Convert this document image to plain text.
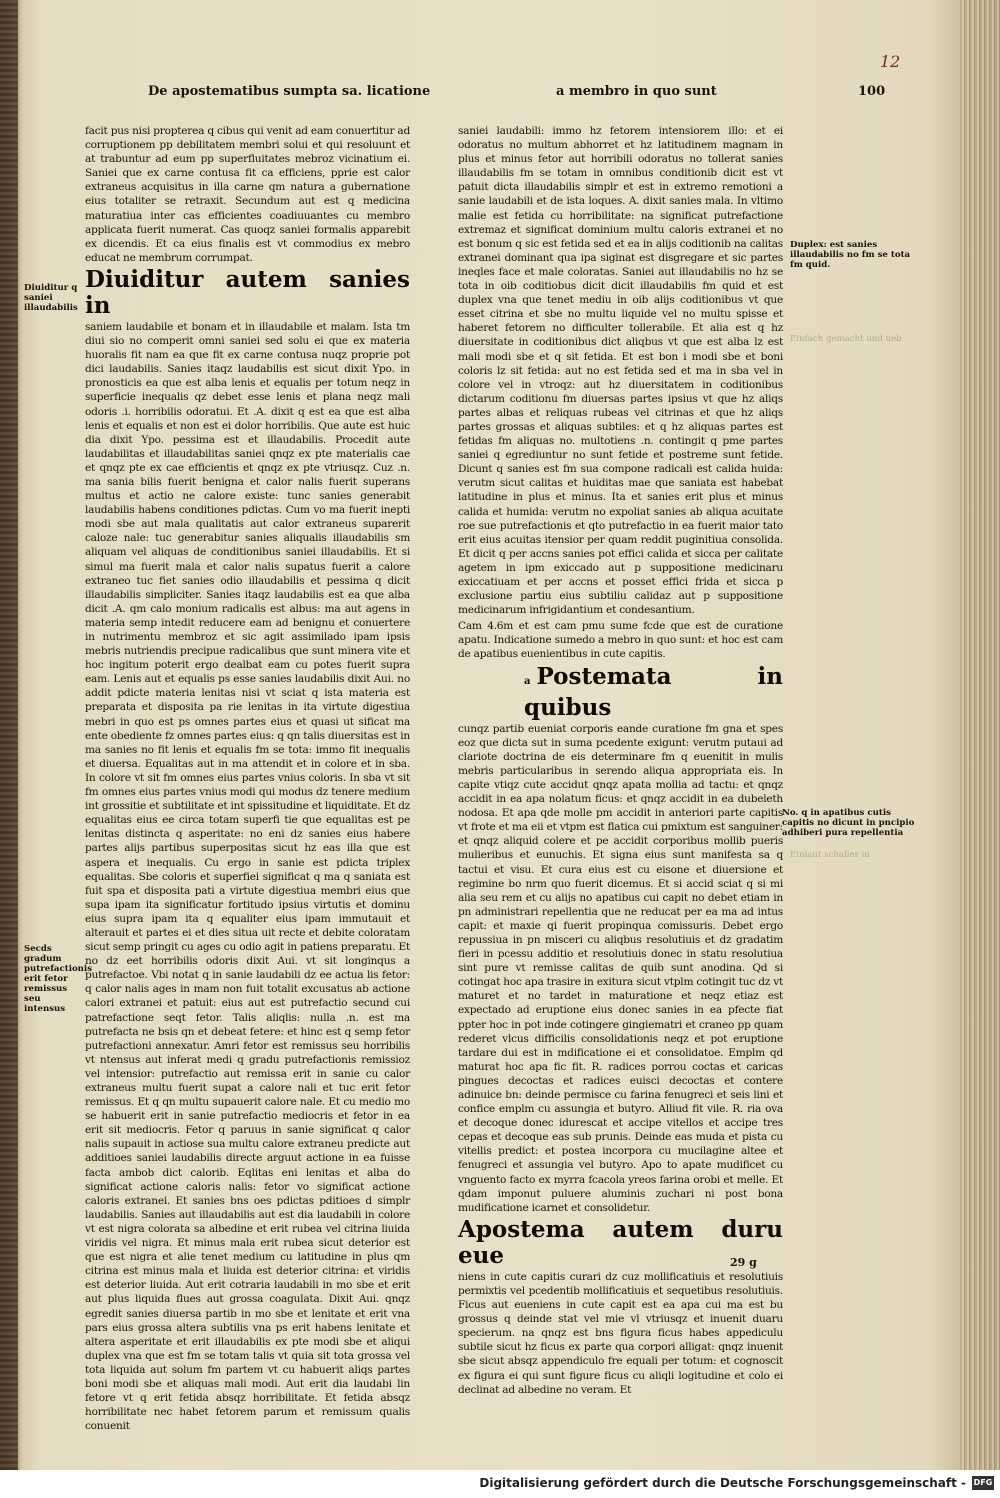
12
De apostematibus sumpta sa. licatione	a membro in quo sunt	100

facit pus nisi propterea q cibus qui venit ad eam conuertitur ad corruptionem pp debilitatem membri solui et qui resoluunt et at trabuntur ad eum pp superfluitates mebroz vicinatium ei. Saniei que ex carne contusa fit ca efficiens, pprie est calor extraneus acquisitus in illa carne qm natura a gubernatione eius totaliter se retraxit. Secundum aut est q medicina maturatiua inter cas efficientes coadiuuantes cu membro applicata fuerit numerat. Cas quoqz saniei formalis apparebit ex dicendis. Et ca eius finalis est vt commodius ex mebro educat ne membrum corrumpat.

Diuiditur autem sanies in

saniem laudabile et bonam et in illaudabile et malam. Ista tm diui sio no comperit omni saniei sed solu ei que ex materia huoralis fit nam ea que fit ex carne contusa nuqz proprie pot dici laudabilis. Sanies itaqz laudabilis est sicut dixit Ypo. in pronosticis ea que est alba lenis et equalis per totum neqz in superficie inequalis qz debet esse lenis et plana neqz mali odoris .i. horribilis odoratui. Et .A. dixit q est ea que est alba lenis et equalis et non est ei dolor horribilis. Que aute est huic dia dixit Ypo. pessima est et illaudabilis. Procedit aute laudabilitas et illaudabilitas saniei qnqz ex pte materialis cae et qnqz pte ex cae efficientis et qnqz ex pte vtriusqz. Cuz .n. ma sania bilis fuerit benigna et calor nalis fuerit superans multus et actio ne calore existe: tunc sanies generabit laudabilis habens conditiones pdictas. Cum vo ma fuerit inepti modi sbe aut mala qualitatis aut calor extraneus suparerit caloze nale: tuc generabitur sanies aliqualis illaudabilis sm aliquam vel aliquas de conditionibus saniei illaudabilis. Et si simul ma fuerit mala et calor nalis supatus fuerit a calore extraneo tuc fiet sanies odio illaudabilis et pessima q dicit illaudabilis simpliciter. Sanies itaqz laudabilis est ea que alba dicit .A. qm calo monium radicalis est albus: ma aut agens in materia semp intedit reducere eam ad benignu et conuertere in nutrimentu membroz et sic agit assimilado ipam ipsis mebris nutriendis precipue radicalibus que sunt minera vite et hoc ingitum poterit ergo dealbat eam cu potes fuerit supra eam. Lenis aut et equalis ps esse sanies laudabilis dixit Aui. no addit pdicte materia lenitas nisi vt sciat q ista materia est preparata et disposita pa rie lenitas in ita virtute digestiua mebri in quo est ps omnes partes eius et quasi ut sificat ma ente obediente fz omnes partes eius: q qn talis diuersitas est in ma sanies no fit lenis et equalis fm se tota: immo fit inequalis et diuersa. Equalitas aut in ma attendit et in colore et in sba. In colore vt sit fm omnes eius partes vnius coloris. In sba vt sit fm omnes eius partes vnius modi qui modus dz tenere medium int grossitie et subtilitate et int spissitudine et liquiditate. Et dz equalitas eius ee circa totam superfi tie que equalitas est pe lenitas distincta q asperitate: no eni dz sanies eius habere partes alijs partibus superpositas sicut hz eas illa que est aspera et inequalis. Cu ergo in sanie est pdicta triplex equalitas. Sbe coloris et superfiei significat q ma q saniata est fuit spa et disposita pati a virtute digestiua membri eius que supa ipam ita significatur fortitudo ipsius virtutis et dominu eius supra ipam ita q equaliter eius ipam immutauit et alterauit et partes ei et dies situa uit recte et debite coloratam sicut semp pringit cu ages cu odio agit in patiens preparatu. Et no dz eet horribilis odoris dixit Aui. vt sit longinqus a putrefactoe. Vbi notat q in sanie laudabili dz ee actua lis fetor: q calor nalis ages in mam non fuit totalit excusatus ab actione calori extranei et patuit: eius aut est putrefactio secund cui patrefactione seqt fetor. Talis aliqlis: nulla .n. est ma putrefacta ne bsis qn et debeat fetere: et hinc est q semp fetor putrefactioni annexatur. Amri fetor est remissus seu horribilis vt ntensus aut inferat medi q gradu putrefactionis remissioz vel intensior: putrefactio aut remissa erit in sanie cu calor extraneus multu fuerit supat a calore nali et tuc erit fetor remissus. Et q qn multu supauerit calore nale. Et cu medio mo se habuerit erit in sanie putrefactio mediocris et fetor in ea erit sit mediocris. Fetor q paruus in sanie significat q calor nalis supauit in actiose sua multu calore extraneu predicte aut additioes saniei laudabilis directe arguut actione in ea fuisse facta ambob dict calorib. Eqlitas eni lenitas et alba do significat actione caloris nalis: fetor vo significat actione caloris extranei. Et sanies bns oes pdictas pditioes d simplr laudabilis. Sanies aut illaudabilis aut est dia laudabili in colore vt est nigra colorata sa albedine et erit rubea vel citrina liuida viridis vel nigra. Et minus mala erit rubea sicut deterior est que est nigra et alie tenet medium cu latitudine in plus qm citrina est minus mala et liuida est deterior citrina: et viridis est deterior liuida. Aut erit cotraria laudabili in mo sbe et erit aut plus liquida flues aut grossa coagulata. Dixit Aui. qnqz egredit sanies diuersa partib in mo sbe et lenitate et erit vna pars eius grossa altera subtilis vna ps erit habens lenitate et altera asperitate et erit illaudabilis ex pte modi sbe et aliqui duplex vna que est fm se totam talis vt quia sit tota grossa vel tota liquida aut solum fm partem vt cu habuerit aliqs partes boni modi sbe et aliquas mali modi. Aut erit dia laudabi lin fetore vt q erit fetida absqz horribilitate. Et fetida absqz horribilitate nec habet fetorem parum et remissum qualis conuenit

saniei laudabili: immo hz fetorem intensiorem illo: et ei odoratus no multum abhorret et hz latitudinem magnam in plus et minus fetor aut horribili odoratus no tollerat sanies illaudabilis fm se totam in omnibus conditionib dicit est vt patuit dicta illaudabilis simplr et est in extremo remotioni a sanie laudabili et de ista loques. A. dixit sanies mala. In vltimo malie est fetida cu horribilitate: na significat putrefactione extremaz et significat dominium multu caloris extranei et no est bonum q sic est fetida sed et ea in alijs coditionib na calitas extranei dominant qua ipa siginat est disgregare et sic partes ineqles face et male coloratas. Saniei aut illaudabilis no hz se tota in oib coditiobus dicit dicit illaudabilis fm quid et est duplex vna que tenet mediu in oib alijs coditionibus vt que esset citrina et sbe no multu liquide vel no multu spisse et haberet fetorem no difficulter tollerabile. Et alia est q hz diuersitate in coditionibus dict aliqbus vt que est alba lz est mali modi sbe et q sit fetida. Et est bon i modi sbe et boni coloris lz sit fetida: aut no est fetida sed et ma in sba vel in colore vel in vtroqz: aut hz diuersitatem in coditionibus dictarum coditionu fm diuersas partes ipsius vt que hz aliqs partes albas et reliquas rubeas vel citrinas et que hz aliqs partes grossas et aliquas subtiles: et q hz aliquas partes est fetidas fm aliquas no. multotiens .n. contingit q pme partes saniei q egrediuntur no sunt fetide et postreme sunt fetide. Dicunt q sanies est fm sua compone radicali est calida huida: verutm sicut calitas et huiditas mae que saniata est habebat latitudine in plus et minus. Ita et sanies erit plus et minus calida et humida: verutm no expoliat sanies ab aliqua acuitate roe sue putrefactionis et qto putrefactio in ea fuerit maior tato erit eius acuitas itensior per quam reddit puginitiua consolida. Et dicit q per accns sanies pot effici calida et sicca per calitate agetem in ipm exiccado aut p suppositione medicinaru exiccatiuam et per accns et posset effici frida et sicca p exclusione partiu eius subtiliu calidaz aut p suppositione medicinarum infrigidantium et condesantium.

Cam 4.6m et est cam pmu sume fcde que est de curatione apatu. Indicatione sumedo a mebro in quo sunt: et hoc est cam de apatibus euenientibus in cute capitis.

a Postemata in quibus

cunqz partib eueniat corporis eande curatione fm gna et spes eoz que dicta sut in suma pcedente exigunt: verutm putaui ad clariote doctrina de eis determinare fm q euenitit in mulis mebris particularibus in serendo aliqua appropriata eis. In capite vtiqz cute accidut qnqz apata mollia ad tactu: et qnqz accidit in ea apa nolatum ficus: et qnqz accidit in ea dubeleth nodosa. Et apa qde molle pm accidit in anteriori parte capitis vt frote et ma eii et vtpm est flatica cui pmixtum est sanguiner: et qnqz aliquid colere et pe accidit corporibus mollib pueris mulieribus et eunuchis. Et signa eius sunt manifesta sa q tactui et visu. Et cura eius est cu eisone et diuersione et regimine bo nrm quo fuerit dicemus. Et si accid sciat q si mi alia seu rem et cu alijs no apatibus cui capit no debet etiam in pn administrari repellentia que ne reducat per ea ma ad intus capit: et maxie qi fuerit propinqua comissuris. Debet ergo repussiua in pn misceri cu aliqbus resolutiuis et dz gradatim fieri in pcessu additio et resolutiuis donec in statu resolutiua sint pure vt remisse calitas de quib sunt anodina. Qd si cotingat hoc apa trasire in exitura sicut vtplm cotingit tuc dz vt maturet et no tardet in maturatione et neqz etiaz est expectado ad eruptione eius donec sanies in ea pfecte fiat ppter hoc in pot inde cotingere gingiematri et craneo pp quam rederet vlcus difficilis consolidationis neqz et pot eruptione tardare dui est in mdificatione ei et consolidatoe. Emplm qd maturat hoc apa fic fit. R. radices porrou coctas et caricas pingues decoctas et radices euisci decoctas et contere adinuice bn: deinde permisce cu farina fenugreci et seis lini et confice emplm cu assungia et butyro. Alliud fit vile. R. ria ova et decoque donec idurescat et accipe vitellos et accipe tres cepas et decoque eas sub prunis. Deinde eas muda et pista cu vitellis predict: et postea incorpora cu mucilagine altee et fenugreci et assungia vel butyro. Apo to apate mudificet cu vnguento facto ex myrra fcacola yreos farina orobi et melle. Et qdam imponut puluere aluminis zuchari ni post bona mudificatione icarnet et consolidetur.

Apostema autem duru eue

niens in cute capitis curari dz cuz mollificatiuis et resolutiuis permixtis vel pcedentib mollificatiuis et sequetibus resolutiuis. Ficus aut eueniens in cute capit est ea apa cui ma est bu grossus q deinde stat vel mie vl vtriusqz et inuenit duaru specierum. na qnqz est bns figura ficus habes appediculu subtile sicut hz ficus ex parte qua corpori alligat: qnqz inuenit sbe sicut absqz appendiculo fre equali per totum: et cognoscit ex figura ei qui sunt figure ficus cu aliqli logitudine et colo ei declinat ad albedine no veram. Et

Diuiditur q saniei illaudabilis
Secds gradum putrefactionis erit fetor remissus seu intensus
Duplex: est sanies illaudabilis no fm se tota fm quid.
No. q in apatibus cutis capitis no dicunt in pncipio adhiberi pura repellentia
Einfach gemacht und ueb
Einlaut schaller in
29 g
Digitalisierung gefördert durch die Deutsche Forschungsgemeinschaft - DFG
